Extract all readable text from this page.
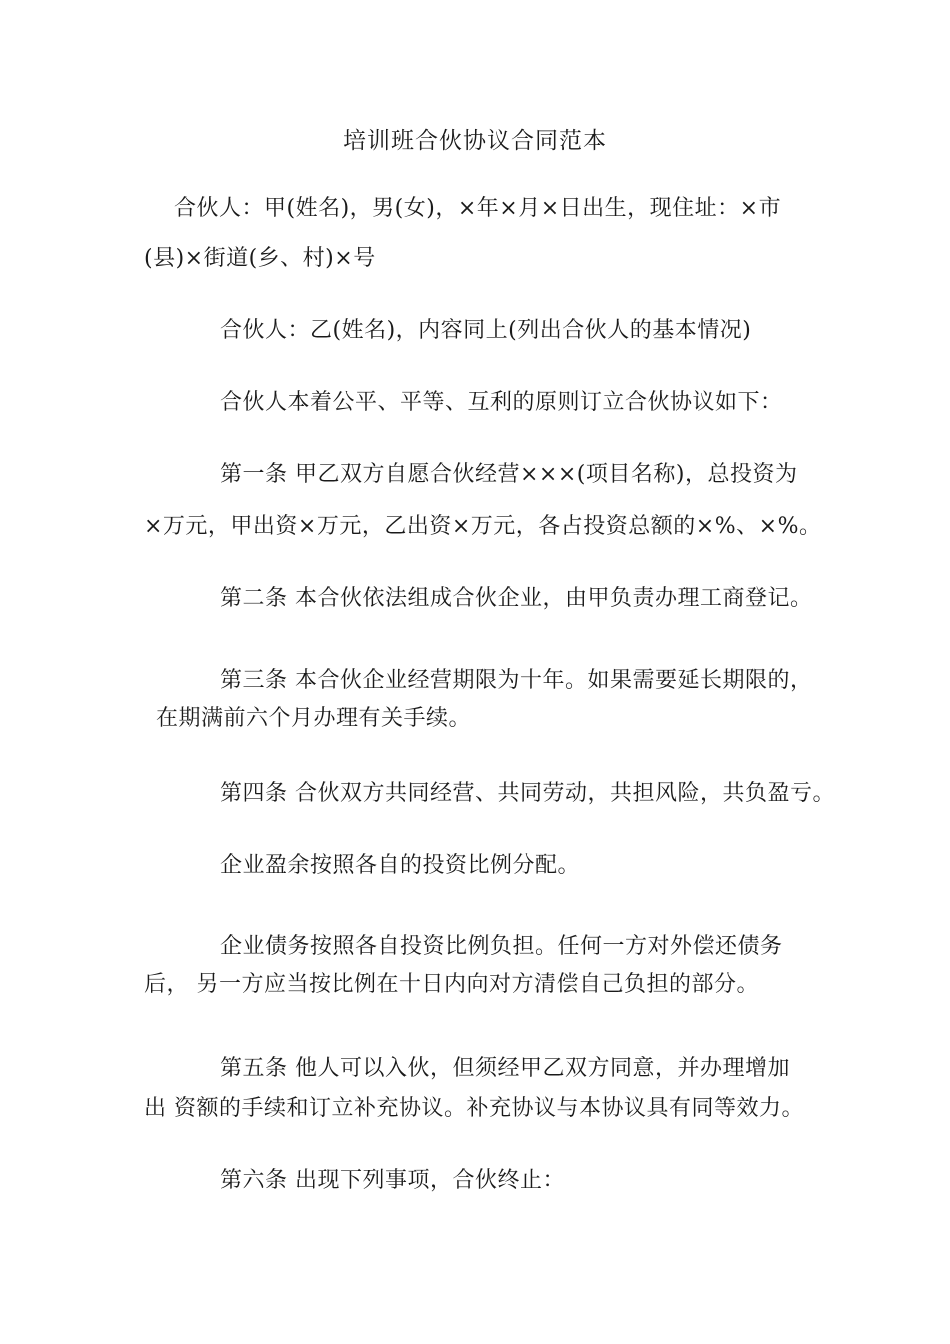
培训班合伙协议合同范本
合伙人：甲(姓名)，男(女)，×年×月×日出生，现住址：×市
(县)×街道(乡、村)×号
合伙人：乙(姓名)，内容同上(列出合伙人的基本情况)
合伙人本着公平、平等、互利的原则订立合伙协议如下：
第一条 甲乙双方自愿合伙经营×××(项目名称)，总投资为
×万元，甲出资×万元，乙出资×万元，各占投资总额的×%、×%。
第二条 本合伙依法组成合伙企业，由甲负责办理工商登记。
第三条 本合伙企业经营期限为十年。如果需要延长期限的，
在期满前六个月办理有关手续。
第四条 合伙双方共同经营、共同劳动，共担风险，共负盈亏。
企业盈余按照各自的投资比例分配。
企业债务按照各自投资比例负担。任何一方对外偿还债务
后， 另一方应当按比例在十日内向对方清偿自己负担的部分。
第五条 他人可以入伙，但须经甲乙双方同意，并办理增加
出 资额的手续和订立补充协议。补充协议与本协议具有同等效力。
第六条 出现下列事项，合伙终止：
